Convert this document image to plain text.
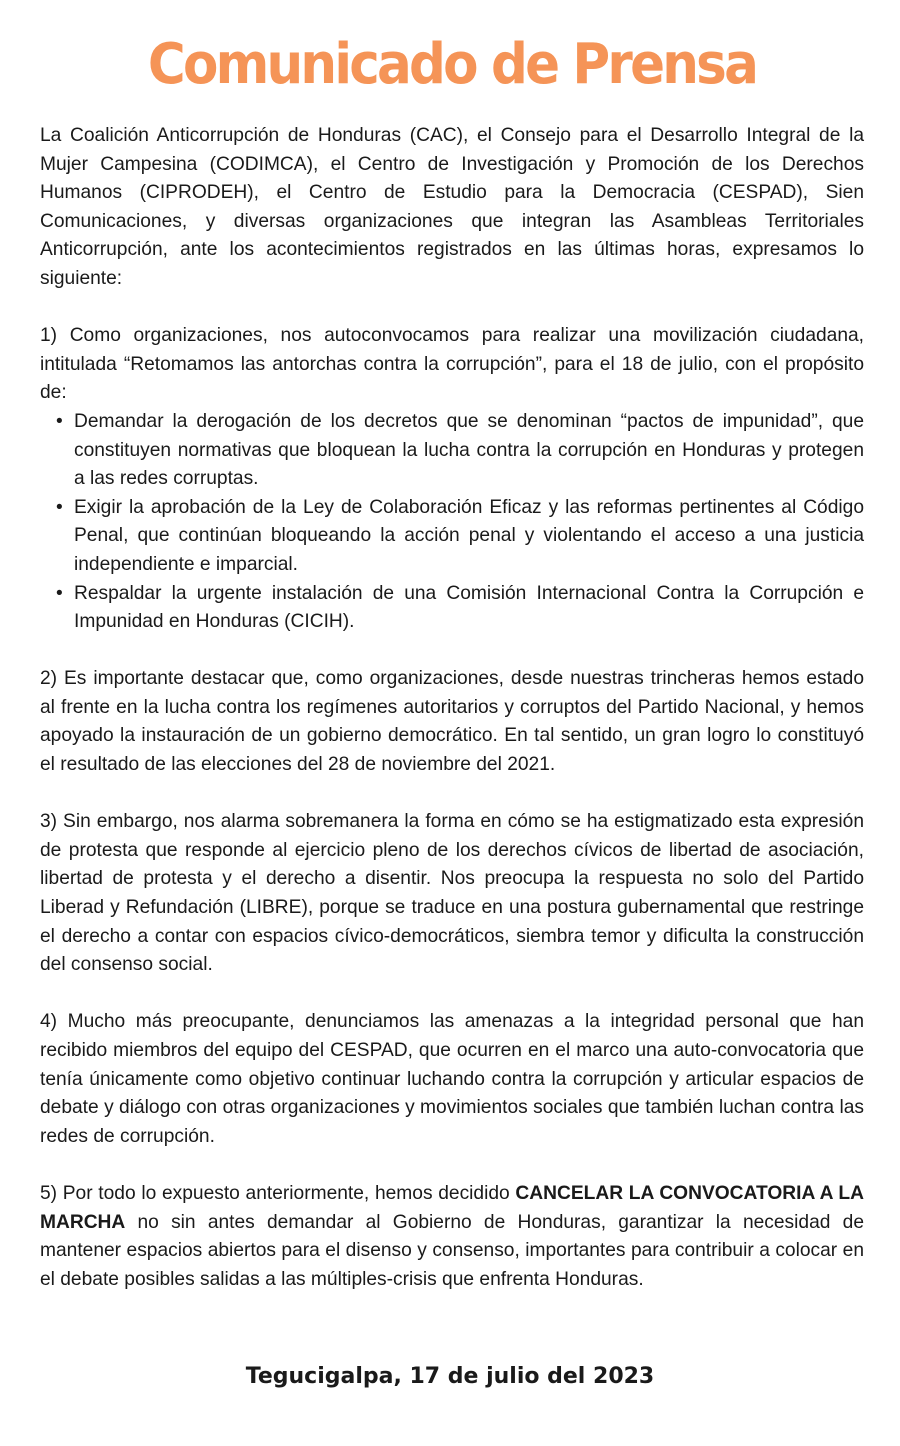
Comunicado de Prensa

La Coalición Anticorrupción de Honduras (CAC), el Consejo para el Desarrollo Integral de la Mujer Campesina (CODIMCA), el Centro de Investigación y Promoción de los Derechos Humanos (CIPRODEH), el Centro de Estudio para la Democracia (CESPAD), Sien Comunicaciones, y diversas organizaciones que integran las Asambleas Territoriales Anticorrupción, ante los acontecimientos registrados en las últimas horas, expresamos lo siguiente:

1) Como organizaciones, nos autoconvocamos para realizar una movilización ciudadana, intitulada “Retomamos las antorchas contra la corrupción”, para el 18 de julio, con el propósito de:

• Demandar la derogación de los decretos que se denominan “pactos de impunidad”, que constituyen normativas que bloquean la lucha contra la corrupción en Honduras y protegen a las redes corruptas.
• Exigir la aprobación de la Ley de Colaboración Eficaz y las reformas pertinentes al Código Penal, que continúan bloqueando la acción penal y violentando el acceso a una justicia independiente e imparcial.
• Respaldar la urgente instalación de una Comisión Internacional Contra la Corrupción e Impunidad en Honduras (CICIH).

2) Es importante destacar que, como organizaciones, desde nuestras trincheras hemos estado al frente en la lucha contra los regímenes autoritarios y corruptos del Partido Nacional, y hemos apoyado la instauración de un gobierno democrático. En tal sentido, un gran logro lo constituyó el resultado de las elecciones del 28 de noviembre del 2021.

3) Sin embargo, nos alarma sobremanera la forma en cómo se ha estigmatizado esta expresión de protesta que responde al ejercicio pleno de los derechos cívicos de libertad de asociación, libertad de protesta y el derecho a disentir. Nos preocupa la respuesta no solo del Partido Liberad y Refundación (LIBRE), porque se traduce en una postura gubernamental que restringe el derecho a contar con espacios cívico-democráticos, siembra temor y dificulta la construcción del consenso social.

4) Mucho más preocupante, denunciamos las amenazas a la integridad personal que han recibido miembros del equipo del CESPAD, que ocurren en el marco una auto-convocatoria que tenía únicamente como objetivo continuar luchando contra la corrupción y articular espacios de debate y diálogo con otras organizaciones y movimientos sociales que también luchan contra las redes de corrupción.

5) Por todo lo expuesto anteriormente, hemos decidido CANCELAR LA CONVOCATORIA A LA MARCHA no sin antes demandar al Gobierno de Honduras, garantizar la necesidad de mantener espacios abiertos para el disenso y consenso, importantes para contribuir a colocar en el debate posibles salidas a las múltiples-crisis que enfrenta Honduras.

Tegucigalpa, 17 de julio del 2023
